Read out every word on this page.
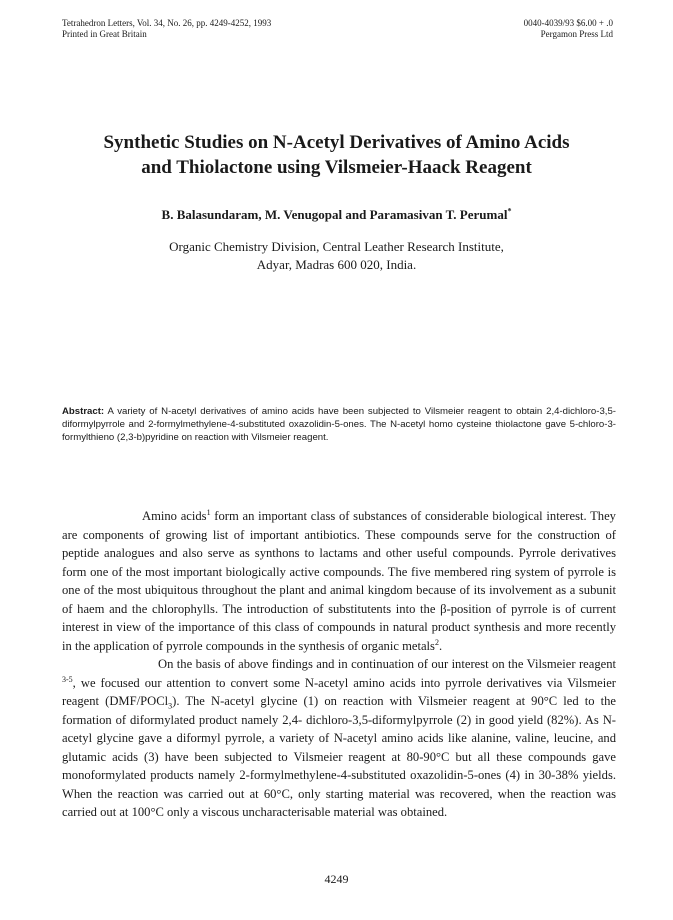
Tetrahedron Letters, Vol. 34, No. 26, pp. 4249-4252, 1993
Printed in Great Britain
0040-4039/93 $6.00 + .0
Pergamon Press Ltd
Synthetic Studies on N-Acetyl Derivatives of Amino Acids
and Thiolactone using Vilsmeier-Haack Reagent
B. Balasundaram, M. Venugopal and Paramasivan T. Perumal*
Organic Chemistry Division, Central Leather Research Institute,
Adyar, Madras 600 020, India.
Abstract: A variety of N-acetyl derivatives of amino acids have been subjected to Vilsmeier reagent to obtain 2,4-dichloro-3,5-diformylpyrrole and 2-formylmethylene-4-substituted oxazolidin-5-ones. The N-acetyl homo cysteine thiolactone gave 5-chloro-3-formylthieno (2,3-b)pyridine on reaction with Vilsmeier reagent.

Amino acids$^1$ form an important class of substances of considerable biological interest. They are components of growing list of important antibiotics. These compounds serve for the construction of peptide analogues and also serve as synthons to lactams and other useful compounds. Pyrrole derivatives form one of the most important biologically active compounds. The five membered ring system of pyrrole is one of the most ubiquitous throughout the plant and animal kingdom because of its involvement as a subunit of haem and the chlorophylls. The introduction of substitutents into the β-position of pyrrole is of current interest in view of the importance of this class of compounds in natural product synthesis and more recently in the application of pyrrole compounds in the synthesis of organic metals$^2$.

On the basis of above findings and in continuation of our interest on the Vilsmeier reagent $^{3-5}$, we focused our attention to convert some N-acetyl amino acids into pyrrole derivatives via Vilsmeier reagent (DMF/POCl$_3$). The N-acetyl glycine (1) on reaction with Vilsmeier reagent at 90°C led to the formation of diformylated product namely 2,4- dichloro-3,5-diformylpyrrole (2) in good yield (82%). As N-acetyl glycine gave a diformyl pyrrole, a variety of N-acetyl amino acids like alanine, valine, leucine, and glutamic acids (3) have been subjected to Vilsmeier reagent at 80-90°C but all these compounds gave monoformylated products namely 2-formylmethylene-4-substituted oxazolidin-5-ones (4) in 30-38% yields. When the reaction was carried out at 60°C, only starting material was recovered, when the reaction was carried out at 100°C only a viscous uncharacterisable material was obtained.

4249
